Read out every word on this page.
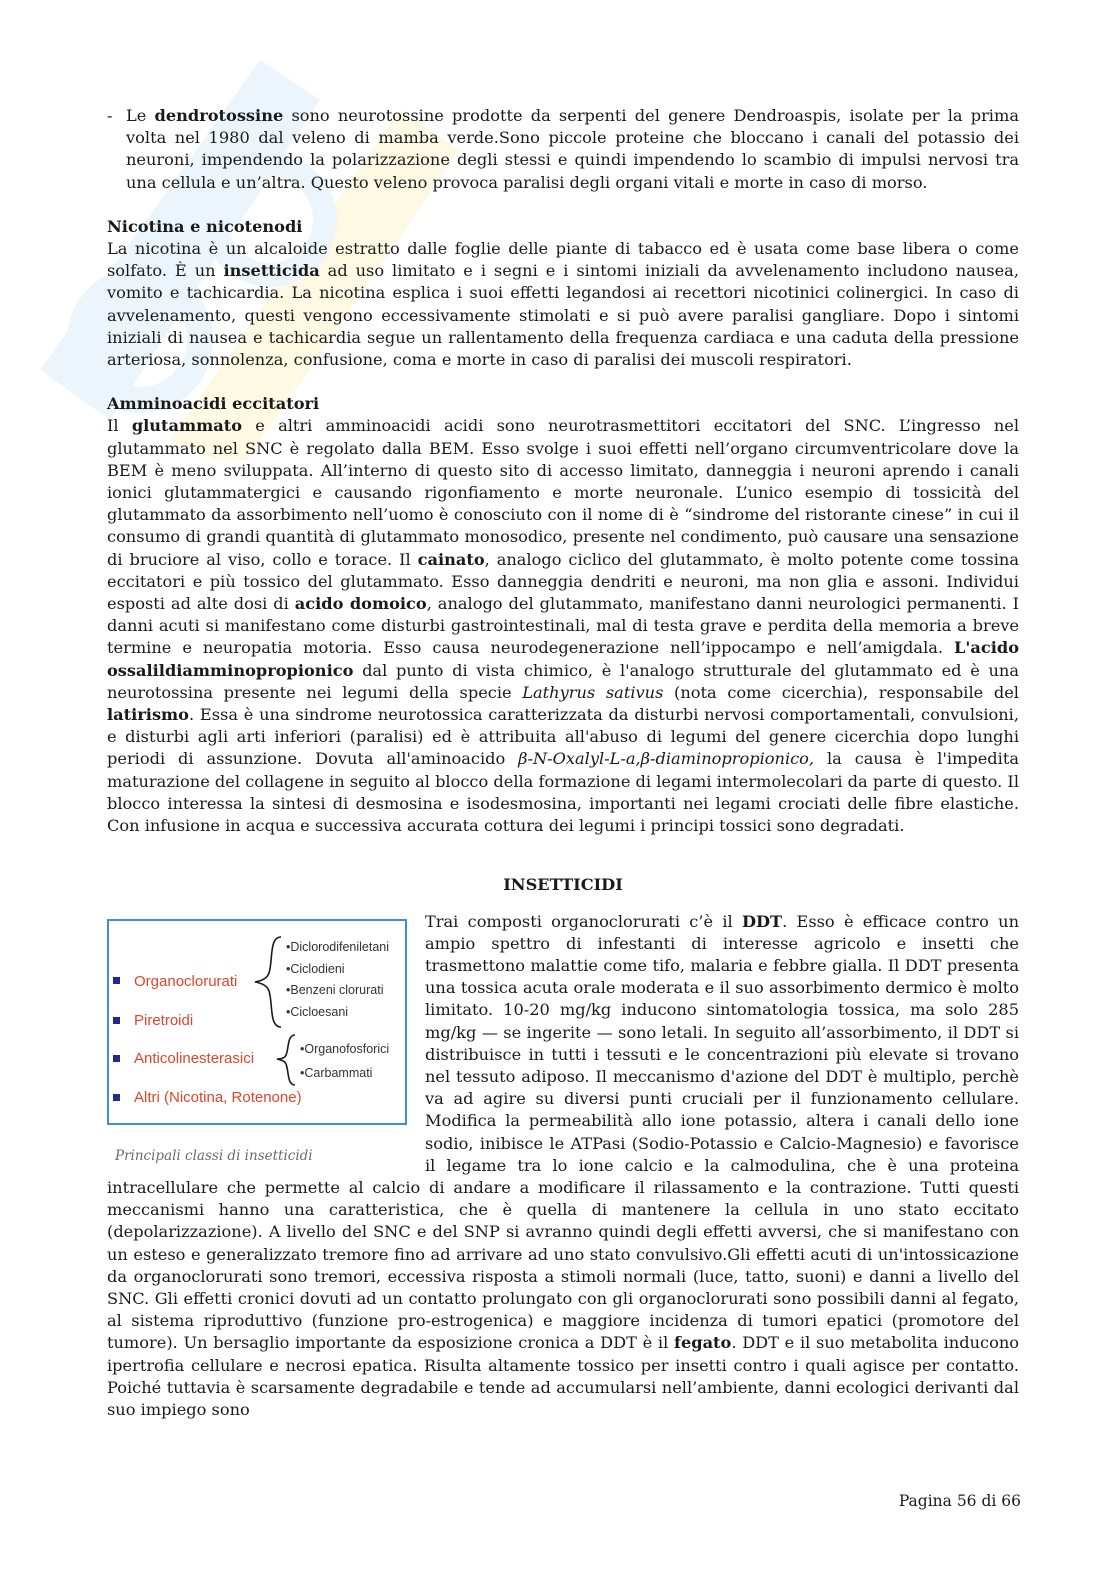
- Le dendrotossine sono neurotossine prodotte da serpenti del genere Dendroaspis, isolate per la prima volta nel 1980 dal veleno di mamba verde.Sono piccole proteine che bloccano i canali del potassio dei neuroni, impendendo la polarizzazione degli stessi e quindi impendendo lo scambio di impulsi nervosi tra una cellula e un’altra. Questo veleno provoca paralisi degli organi vitali e morte in caso di morso.

Nicotina e nicotenodi

La nicotina è un alcaloide estratto dalle foglie delle piante di tabacco ed è usata come base libera o come solfato. È un insetticida ad uso limitato e i segni e i sintomi iniziali da avvelenamento includono nausea, vomito e tachicardia. La nicotina esplica i suoi effetti legandosi ai recettori nicotinici colinergici. In caso di avvelenamento, questi vengono eccessivamente stimolati e si può avere paralisi gangliare. Dopo i sintomi iniziali di nausea e tachicardia segue un rallentamento della frequenza cardiaca e una caduta della pressione arteriosa, sonnolenza, confusione, coma e morte in caso di paralisi dei muscoli respiratori.

Amminoacidi eccitatori

Il glutammato e altri amminoacidi acidi sono neurotrasmettitori eccitatori del SNC. L’ingresso nel glutammato nel SNC è regolato dalla BEM. Esso svolge i suoi effetti nell’organo circumventricolare dove la BEM è meno sviluppata. All’interno di questo sito di accesso limitato, danneggia i neuroni aprendo i canali ionici glutammatergici e causando rigonfiamento e morte neuronale. L’unico esempio di tossicità del glutammato da assorbimento nell’uomo è conosciuto con il nome di è “sindrome del ristorante cinese” in cui il consumo di grandi quantità di glutammato monosodico, presente nel condimento, può causare una sensazione di bruciore al viso, collo e torace. Il cainato, analogo ciclico del glutammato, è molto potente come tossina eccitatori e più tossico del glutammato. Esso danneggia dendriti e neuroni, ma non glia e assoni. Individui esposti ad alte dosi di acido domoico, analogo del glutammato, manifestano danni neurologici permanenti. I danni acuti si manifestano come disturbi gastrointestinali, mal di testa grave e perdita della memoria a breve termine e neuropatia motoria. Esso causa neurodegenerazione nell’ippocampo e nell’amigdala. L'acido ossalildiamminopropionico dal punto di vista chimico, è l'analogo strutturale del glutammato ed è una neurotossina presente nei legumi della specie Lathyrus sativus (nota come cicerchia), responsabile del latirismo. Essa è una sindrome neurotossica caratterizzata da disturbi nervosi comportamentali, convulsioni, e disturbi agli arti inferiori (paralisi) ed è attribuita all'abuso di legumi del genere cicerchia dopo lunghi periodi di assunzione. Dovuta all'aminoacido β-N-Oxalyl-L-a,β-diaminopropionico, la causa è l'impedita maturazione del collagene in seguito al blocco della formazione di legami intermolecolari da parte di questo. Il blocco interessa la sintesi di desmosina e isodesmosina, importanti nei legami crociati delle fibre elastiche. Con infusione in acqua e successiva accurata cottura dei legumi i principi tossici sono degradati.

INSETTICIDI
Organoclorurati
Piretroidi
Anticolinesterasici
Altri (Nicotina, Rotenone)
•Diclorodifeniletani
•Ciclodieni
•Benzeni clorurati
•Cicloesani
•Organofosforici
•Carbammati
Principali classi di insetticidi

Trai composti organoclorurati c’è il DDT. Esso è efficace contro un ampio spettro di infestanti di interesse agricolo e insetti che trasmettono malattie come tifo, malaria e febbre gialla. Il DDT presenta una tossica acuta orale moderata e il suo assorbimento dermico è molto limitato. 10-20 mg/kg inducono sintomatologia tossica, ma solo 285 mg/kg — se ingerite — sono letali. In seguito all’assorbimento, il DDT si distribuisce in tutti i tessuti e le concentrazioni più elevate si trovano nel tessuto adiposo. Il meccanismo d'azione del DDT è multiplo, perchè va ad agire su diversi punti cruciali per il funzionamento cellulare. Modifica la permeabilità allo ione potassio, altera i canali dello ione sodio, inibisce le ATPasi (Sodio-Potassio e Calcio-Magnesio) e favorisce il legame tra lo ione calcio e la calmodulina, che è una proteina intracellulare che permette al calcio di andare a modificare il rilassamento e la contrazione. Tutti questi meccanismi hanno una caratteristica, che è quella di mantenere la cellula in uno stato eccitato (depolarizzazione). A livello del SNC e del SNP si avranno quindi degli effetti avversi, che si manifestano con un esteso e generalizzato tremore fino ad arrivare ad uno stato convulsivo.Gli effetti acuti di un'intossicazione da organoclorurati sono tremori, eccessiva risposta a stimoli normali (luce, tatto, suoni) e danni a livello del SNC. Gli effetti cronici dovuti ad un contatto prolungato con gli organoclorurati sono possibili danni al fegato, al sistema riproduttivo (funzione pro-estrogenica) e maggiore incidenza di tumori epatici (promotore del tumore). Un bersaglio importante da esposizione cronica a DDT è il fegato. DDT e il suo metabolita inducono ipertrofia cellulare e necrosi epatica. Risulta altamente tossico per insetti contro i quali agisce per contatto. Poiché tuttavia è scarsamente degradabile e tende ad accumularsi nell’ambiente, danni ecologici derivanti dal suo impiego sono

Pagina 56 di 66
